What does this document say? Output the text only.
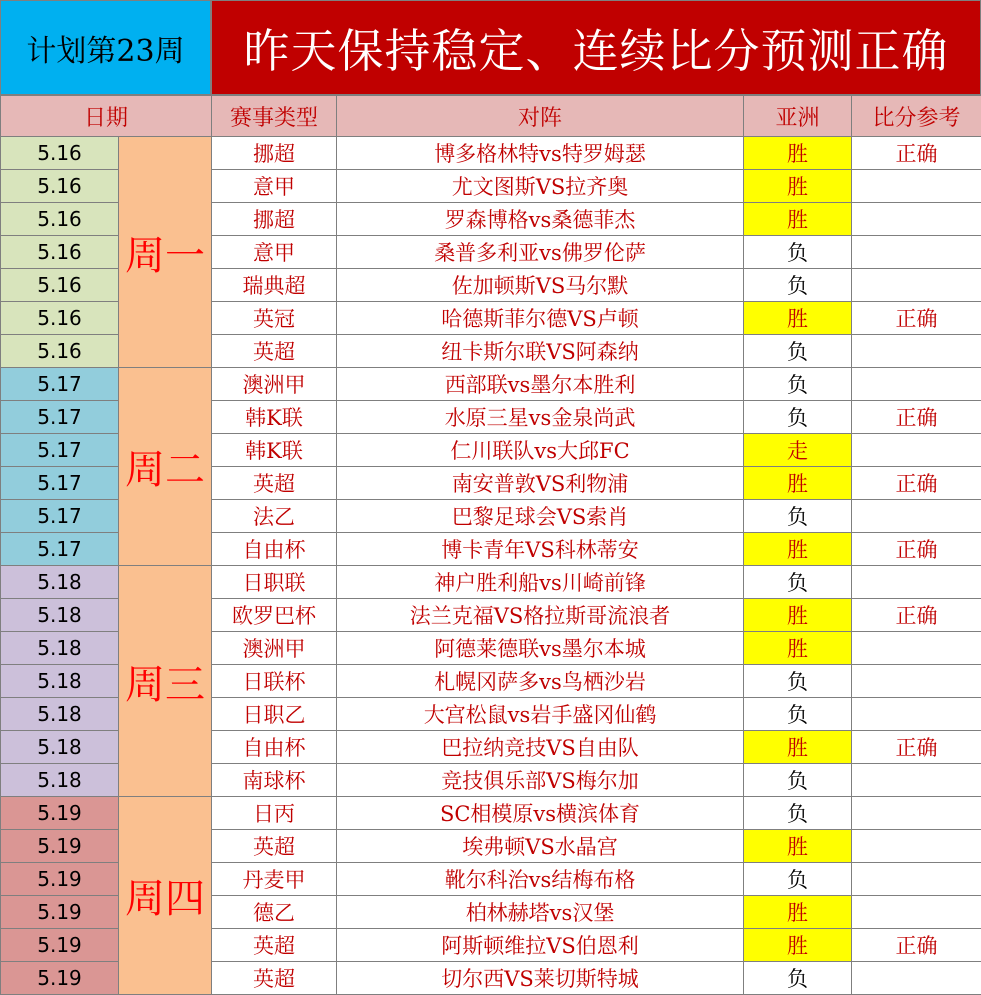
计划第23周	昨天保持稳定、连续比分预测正确
日期		赛事类型	对阵	亚洲	比分参考
5.16	周一	挪超	博多格林特vs特罗姆瑟	胜	正确
5.16		意甲	尤文图斯VS拉齐奥	胜	
5.16		挪超	罗森博格vs桑德菲杰	胜	
5.16		意甲	桑普多利亚vs佛罗伦萨	负	
5.16		瑞典超	佐加顿斯VS马尔默	负	
5.16		英冠	哈德斯菲尔德VS卢顿	胜	正确
5.16		英超	纽卡斯尔联VS阿森纳	负	
5.17	周二	澳洲甲	西部联vs墨尔本胜利	负	
5.17		韩K联	水原三星vs金泉尚武	负	正确
5.17		韩K联	仁川联队vs大邱FC	走	
5.17		英超	南安普敦VS利物浦	胜	正确
5.17		法乙	巴黎足球会VS索肖	负	
5.17		自由杯	博卡青年VS科林蒂安	胜	正确
5.18	周三	日职联	神户胜利船vs川崎前锋	负	
5.18		欧罗巴杯	法兰克福VS格拉斯哥流浪者	胜	正确
5.18		澳洲甲	阿德莱德联vs墨尔本城	胜	
5.18		日联杯	札幌冈萨多vs鸟栖沙岩	负	
5.18		日职乙	大宫松鼠vs岩手盛冈仙鹤	负	
5.18		自由杯	巴拉纳竞技VS自由队	胜	正确
5.18		南球杯	竞技俱乐部VS梅尔加	负	
5.19	周四	日丙	SC相模原vs横滨体育	负	
5.19		英超	埃弗顿VS水晶宫	胜	
5.19		丹麦甲	靴尔科治vs结梅布格	负	
5.19		德乙	柏林赫塔vs汉堡	胜	
5.19		英超	阿斯顿维拉VS伯恩利	胜	正确
5.19		英超	切尔西VS莱切斯特城	负	
